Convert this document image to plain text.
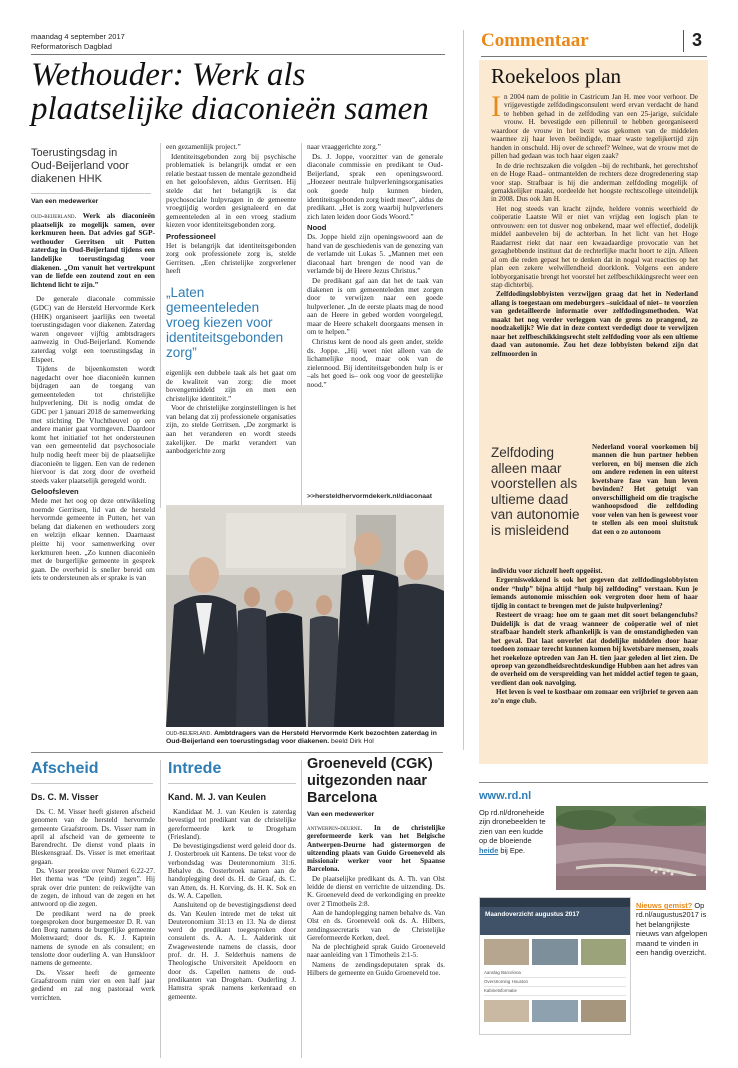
maandag 4 september 2017
Reformatorisch Dagblad	Commentaar	3
Wethouder: Werk als plaatselijke diaconieën samen
Toerustingsdag in Oud-Beijerland voor diakenen HHK
Van een medewerker

oud-beijerland. Werk als diaconieën plaatselijk zo mogelijk samen, over kerkmuren heen. Dat advies gaf SGP-wethouder Gerritsen uit Putten zaterdag in Oud-Beijerland tijdens een landelijke toerustingsdag voor diakenen. „Om vanuit het vertrekpunt van de liefde een zoutend zout en een lichtend licht te zijn.”

De generale diaconale commissie (GDC) van de Hersteld Hervormde Kerk (HHK) organiseert jaarlijks een tweetal toerustingsdagen voor diakenen. Zaterdag waren ongeveer vijftig ambtsdragers aanwezig in Oud-Beijerland. Komende zaterdag volgt een toerustingsdag in Elspeet.

Tijdens de bijeenkomsten wordt nagedacht over hoe diaconieën kunnen bijdragen aan de toegang van gemeenteleden tot christelijke hulpverlening. Dit is nodig omdat de GDC per 1 januari 2018 de samenwerking met stichting De Vluchtheuvel op een andere manier gaat vormgeven. Daardoor komt het initiatief tot het ondersteunen van een gemeentelid dat psychosociale hulp nodig heeft meer bij de plaatselijke diaconieën te liggen. Een van de redenen hiervoor is dat zorg door de overheid steeds vaker plaatselijk geregeld wordt.

Geloofsleven

Mede met het oog op deze ontwikkeling noemde Gerritsen, lid van de hersteld hervormde gemeente in Putten, het van belang dat diakenen en wethouders zorg en welzijn elkaar kennen. Daarnaast pleitte hij voor samenwerking over kerkmuren heen. „Zo kunnen diaconieën met de burgerlijke gemeente in gesprek gaan. De overheid is sneller bereid om iets te ondersteunen als er sprake is van

een gezamenlijk project.”

Identiteitsgebonden zorg bij psychische problematiek is belangrijk omdat er een relatie bestaat tussen de mentale gezondheid en het geloofsleven, aldus Gerritsen. Hij stelde dat het belangrijk is dat psychosociale hulpvragen in de gemeente vroegtijdig worden gesignaleerd en dat gemeenteleden al in een vroeg stadium kiezen voor identiteitsgebonden zorg.

Professioneel

Het is belangrijk dat identiteitsgebonden zorg ook professionele zorg is, stelde Gerritsen. „Een christelijke zorgverlener heeft

„Laten gemeenteleden vroeg kiezen voor identiteitsgebonden zorg”

eigenlijk een dubbele taak als het gaat om de kwaliteit van zorg: die moet bovengemiddeld zijn en men een christelijke identiteit.”

Voor de christelijke zorginstellingen is het van belang dat zij professionele organisaties zijn, zo stelde Gerritsen. „De zorgmarkt is aan het veranderen en wordt steeds zakelijker. De markt verandert van aanbodgerichte zorg

naar vraaggerichte zorg.”

Ds. J. Joppe, voorzitter van de generale diaconale commissie en predikant te Oud-Beijerland, sprak een openingswoord. „Hoezeer neutrale hulpverleningsorganisaties ook goede hulp kunnen bieden, identiteitsgebonden zorg biedt meer”, aldus de predikant. „Het is zorg waarbij hulpverleners zich laten leiden door Gods Woord.”

Nood

Ds. Joppe hield zijn openingswoord aan de hand van de geschiedenis van de genezing van de verlamde uit Lukas 5. „Mannen met een diaconaal hart brengen de nood van de verlamde bij de Heere Jezus Christus.”

De predikant gaf aan dat het de taak van diakenen is om gemeenteleden met zorgen door te verwijzen naar een goede hulpverlener. „In de eerste plaats mag de nood aan de Heere in gebed worden voorgelegd, maar de Heere schakelt doorgaans mensen in om te helpen.”

Christus kent de nood als geen ander, stelde ds. Joppe. „Hij weet niet alleen van de lichamelijke nood, maar ook van de zielennood. Bij identiteitsgebonden hulp is er –als het goed is– ook oog voor de geestelijke nood.”

>>hersteldhervormdekerk.nl/diaconaat
oud-beijerland. Ambtdragers van de Hersteld Hervormde Kerk bezochten zaterdag in Oud-Beijerland een toerustingsdag voor diakenen. beeld Dirk Hol
Roekeloos plan

In 2004 nam de politie in Castricum Jan H. mee voor verhoor. De vrijgevestigde zelfdodingsconsulent werd ervan verdacht de hand te hebben gehad in de zelfdoding van een 25-jarige, suïcidale vrouw. H. bevestigde een pillenruil te hebben georganiseerd waardoor de vrouw in het bezit was gekomen van de middelen waarmee zij haar leven beëindigde, maar waste tegelijkertijd zijn handen in onschuld. Hij over de schreef? Welnee, wat de vrouw met de pillen had gedaan was toch haar eigen zaak?

In de drie rechtszaken die volgden –bij de rechtbank, het gerechtshof en de Hoge Raad– ontmantelden de rechters deze drogredenering stap voor stap. Strafbaar is hij die anderman zelfdoding mogelijk of gemakkelijker maakt, oordeelde het hoogste rechtscollege uiteindelijk in 2008. Dus ook Jan H.

Het nog steeds van kracht zijnde, heldere vonnis weerhield de coöperatie Laatste Wil er niet van vrijdag een logisch plan te ontvouwen: een tot dusver nog onbekend, maar wel effectief, dodelijk middel aanbevelen bij de achterban. In het licht van het Hoge Raadarrest riekt dat naar een kwaadaardige provocatie van het gezaghebbende instituut dat de rechterlijke macht hoort te zijn. Alleen al om die reden gepast het te denken dat in nogal wat reacties op het plan een zekere welwillendheid doorklonk. Volgens een andere lobbyorganisatie brengt het voorstel het zelfbeschikkingsrecht weer een stap dichterbij.

Zelfdodingslobbyisten verzwijgen graag dat het in Nederland allang is toegestaan om medeburgers –suïcidaal of niet– te voorzien van gedetailleerde informatie over zelfdodingsmethoden. Wat maakt het nog verder verleggen van de grens zo prangend, zo noodzakelijk? Wie dat in deze context verdedigt door te verwijzen naar het zelfbeschikkingsrecht stelt zelfdoding voor als een ultieme daad van autonomie. Zou het deze lobbyisten bekend zijn dat zelfmoorden in

Zelfdoding alleen maar voorstellen als ultieme daad van autonomie is misleidend
Nederland vooral voorkomen bij mannen die hun partner hebben verloren, en bij mensen die zich om andere redenen in een uiterst kwetsbare fase van hun leven bevinden? Het getuigt van onverschilligheid om die tragische wanhoopsdood die zelfdoding voor velen van hen is geweest voor te stellen als een mooi sluitstuk dat een o zo autonoom

individu voor zichzelf heeft opgeëist.

Ergerniswekkend is ook het gegeven dat zelfdodingslobbyisten onder “hulp” bijna altijd “hulp bij zelfdoding” verstaan. Kun je iemands autonomie misschien ook vergroten door hem of haar tijdig in contact te brengen met de juiste hulpverlening?

Resteert de vraag: hoe om te gaan met dit soort belangenclubs? Duidelijk is dat de vraag wanneer de coöperatie wel of niet strafbaar handelt sterk afhankelijk is van de omstandigheden van het geval. Dat laat onverlet dat dodelijke middelen door haar toedoen zomaar terecht kunnen komen bij kwetsbare mensen, zoals het roekeloze optreden van Jan H. tien jaar geleden al liet zien. De oproep van gezondheidsrechtdeskundige Hubben aan het adres van de overheid om de verspreiding van het middel actief tegen te gaan, verdient dan ook navolging.

Het leven is veel te kostbaar om zomaar een vrijbrief te geven aan zo’n enge club.

Afscheid
Ds. C. M. Visser

Ds. C. M. Visser heeft gisteren afscheid genomen van de hersteld hervormde gemeente Graafstroom. Ds. Visser nam in april al afscheid van de gemeente te Barendrecht. De dienst vond plaats in Bleskensgraaf. Ds. Visser is met emeritaat gegaan.

Ds. Visser preekte over Numeri 6:22-27. Het thema was “De (eind) zegen”. Hij sprak over drie punten: de reikwijdte van de zegen, de inhoud van de zegen en het antwoord op die zegen.

De predikant werd na de preek toegesproken door burgemeester D. R. van den Borg namens de burgerlijke gemeente Molenwaard; door ds. K. J. Kaptein namens de synode en als consulent; en tenslotte door ouderling A. van Hunsklooт namens de gemeente.

Ds. Visser heeft de gemeente Graafstroom ruim vier en een half jaar gediend en zal nog pastoraal werk verrichten.

Intrede
Kand. M. J. van Keulen

Kandidaat M. J. van Keulen is zaterdag bevestigd tot predikant van de christelijke gereformeerde kerk te Drogeham (Friesland).

De bevestigingsdienst werd geleid door ds. J. Oosterbroek uit Kantens. De tekst voor de verbondsdag was Deuteronomium 31:6. Behalve ds. Oosterbroek namen aan de handoplegging deel ds. H. de Graaf, ds. C. van Atten, ds. H. Korving, ds. H. K. Sok en ds. W. A. Capellen.

Aansluitend op de bevestigingsdienst deed ds. Van Keulen intrede met de tekst uit Deuteronomium 31:13 en 13. Na de dienst werd de predikant toegesproken door consulent ds. A. A. L. Aalderink uit Zwagewestende namens de classis, door prof. dr. H. J. Selderhuis namens de Theologische Universiteit Apeldoorn en door ds. Capellen namens de oud-predikanten van Drogeham. Ouderling J. Hamstra sprak namens kerkenraad en gemeente.

Groeneveld (CGK) uitgezonden naar Barcelona
Van een medewerker

antwerpen-deurne. In de christelijke gereformeerde kerk van het Belgische Antwerpen-Deurne had gistermorgen de uitzending plaats van Guido Groeneveld als missionair werker voor het Spaanse Barcelona.

De plaatselijke predikant ds. A. Th. van Olst leidde de dienst en verrichte de uitzending. Ds. K. Groeneveld deed de verkondiging en preekte over 2 Timotheüs 2:8.

Aan de handoplegging namen behalve ds. Van Olst en ds. Groeneveld ook ds. A. Hilbers, zendingssecretaris van de Christelijke Gereformeerde Kerken, deel.

Na de plechtigheid sprak Guido Groeneveld naar aanleiding van 1 Timotheüs 2:1-5.

Namens de zendingsdeputaten sprak ds. Hilbers de gemeente en Guido Groeneveld toe.

www.rd.nl
Op rd.nl/droneheide zijn dronebeelden te zien van een kudde op de bloeiende heide bij Epe.
Maandoverzicht augustus 2017
Aanslag Barcelona
Overstroming Houston
Kabinetsformatie
Nieuws gemist? Op rd.nl/augustus2017 is het belangrijkste nieuws van afgelopen maand te vinden in een handig overzicht.
